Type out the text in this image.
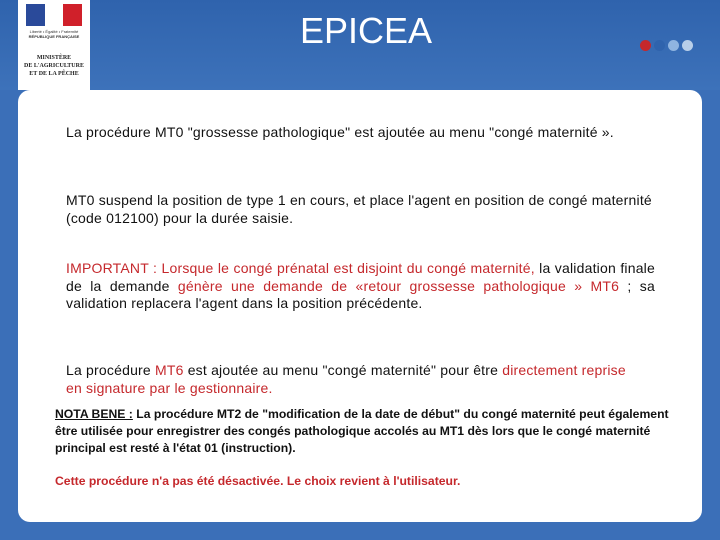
Liberté • Égalité • Fraternité
RÉPUBLIQUE FRANÇAISE
MINISTÈRE
DE L'AGRICULTURE
ET DE LA PÊCHE
EPICEA

La procédure MT0 "grossesse pathologique" est ajoutée au menu "congé maternité ».

MT0 suspend la position de type 1 en cours, et place l'agent en position de congé maternité (code 012100) pour la durée saisie.

IMPORTANT : Lorsque le congé prénatal est disjoint du congé maternité, la validation finale de la demande génère une demande de «retour grossesse pathologique » MT6 ; sa validation replacera l'agent dans la position précédente.

La procédure MT6 est ajoutée au menu "congé maternité" pour être directement reprise en signature par le gestionnaire.

NOTA BENE : La procédure MT2 de "modification de la date de début" du congé maternité peut également être utilisée pour enregistrer des congés pathologique accolés au MT1 dès lors que le congé maternité principal est resté à l'état 01 (instruction).

Cette procédure n'a pas été désactivée. Le choix revient à l'utilisateur.
